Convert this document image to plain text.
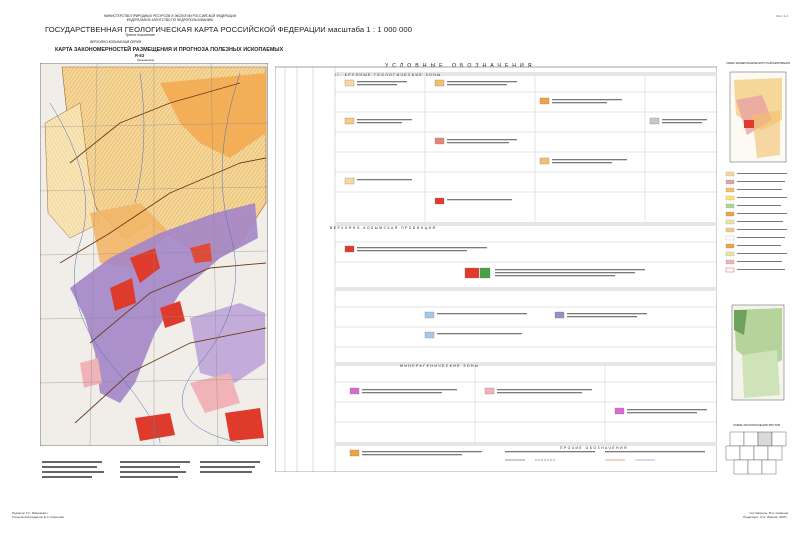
МИНИСТЕРСТВО ПРИРОДНЫХ РЕСУРСОВ И ЭКОЛОГИИ РОССИЙСКОЙ ФЕДЕРАЦИИ
ФЕДЕРАЛЬНОЕ АГЕНТСТВО ПО НЕДРОПОЛЬЗОВАНИЮ
Лист 1-2
ГОСУДАРСТВЕННАЯ ГЕОЛОГИЧЕСКАЯ КАРТА РОССИЙСКОЙ ФЕДЕРАЦИИ масштаба 1 : 1 000 000
Третье поколение
ВЕРХОЯНО-КОЛЫМСКАЯ СЕРИЯ
КАРТА ЗАКОНОМЕРНОСТЕЙ РАЗМЕЩЕНИЯ И ПРОГНОЗА ПОЛЕЗНЫХ ИСКОПАЕМЫХ
R-53
(Нижнеянск)
УСЛОВНЫЕ ОБОЗНАЧЕНИЯ
II. КРУПНЫЕ ГЕОЛОГИЧЕСКИЕ ЗОНЫ
ВЕРХОЯНО-КОЛЫМСКАЯ ПРОВИНЦИЯ
МИНЕРАГЕНИЧЕСКИЕ ЗОНЫ
ПРОЧИЕ ОБОЗНАЧЕНИЯ
СХЕМА МИНЕРАГЕНИЧЕСКОГО РАЙОНИРОВАНИЯ
СХЕМА РАСПОЛОЖЕНИЯ ЛИСТОВ
Редактор Т.С. Ивашкевич
Технический редактор Е.А. Кирилова
Составитель: В.Н. Смирнов
Редакторы: О.Н. Иванов, 2005 г.
